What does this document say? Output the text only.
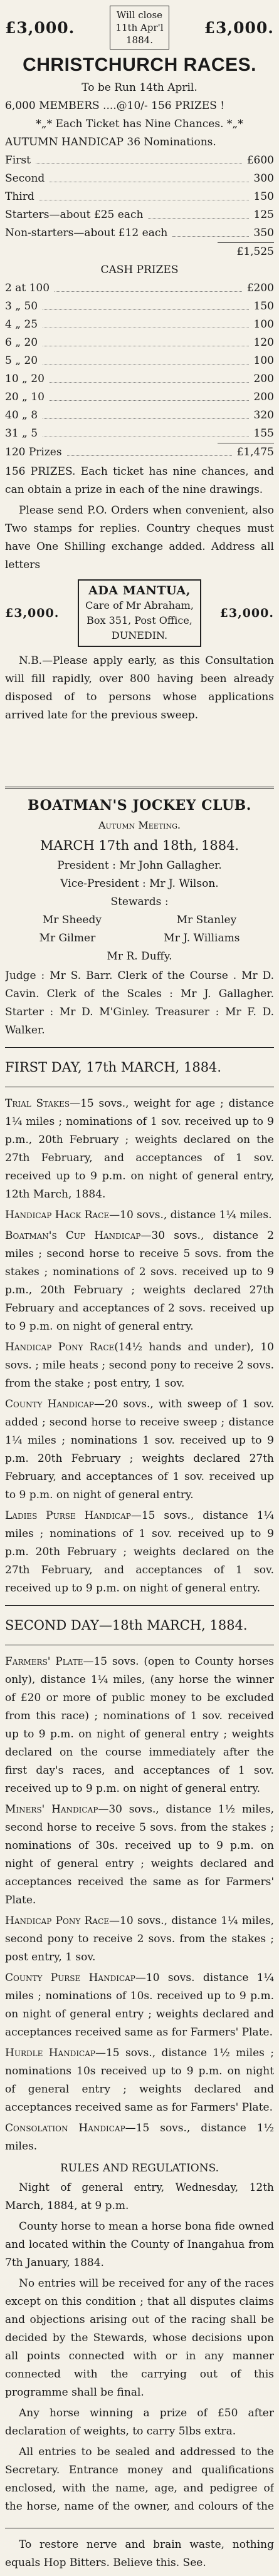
£3,000.
Will close
11th Apr'l
1884.
£3,000.
CHRISTCHURCH RACES.
To be Run 14th April.
6,000 MEMBERS ....@10/- 156 PRIZES !
*„* Each Ticket has Nine Chances. *„*
AUTUMN HANDICAP 36 Nominations.
First	£600
Second	300
Third	150
Starters—about £25 each	125
Non-starters—about £12 each	350
£1,525
CASH PRIZES
2 at 100	£200
3 „ 50	150
4 „ 25	100
6 „ 20	120
5 „ 20	100
10 „ 20	200
20 „ 10	200
40 „ 8	320
31 „ 5	155
120 Prizes	£1,475
156 PRIZES. Each ticket has nine chances, and can obtain a prize in each of the nine drawings.
Please send P.O. Orders when convenient, also Two stamps for replies. Country cheques must have One Shilling exchange added. Address all letters
£3,000.
ADA MANTUA,
Care of Mr Abraham,
Box 351, Post Office,
DUNEDIN.
£3,000.
N.B.—Please apply early, as this Consultation will fill rapidly, over 800 having been already disposed of to persons whose applications arrived late for the previous sweep.
BOATMAN'S JOCKEY CLUB.
Autumn Meeting.
MARCH 17th and 18th, 1884.
President : Mr John Gallagher.
Vice-President : Mr J. Wilson.
Stewards :
Mr Sheedy	Mr Stanley
Mr Gilmer	Mr J. Williams
Mr R. Duffy.
Judge : Mr S. Barr. Clerk of the Course . Mr D. Cavin. Clerk of the Scales : Mr J. Gallagher. Starter : Mr D. M'Ginley. Treasurer : Mr F. D. Walker.
FIRST DAY, 17th MARCH, 1884.
Trial Stakes—15 sovs., weight for age ; distance 1¼ miles ; nominations of 1 sov. received up to 9 p.m., 20th February ; weights declared on the 27th February, and acceptances of 1 sov. received up to 9 p.m. on night of general entry, 12th March, 1884.
Handicap Hack Race—10 sovs., distance 1¼ miles.
Boatman's Cup Handicap—30 sovs., distance 2 miles ; second horse to receive 5 sovs. from the stakes ; nominations of 2 sovs. received up to 9 p.m., 20th February ; weights declared 27th February and acceptances of 2 sovs. received up to 9 p.m. on night of general entry.
Handicap Pony Race(14½ hands and under), 10 sovs. ; mile heats ; second pony to receive 2 sovs. from the stake ; post entry, 1 sov.
County Handicap—20 sovs., with sweep of 1 sov. added ; second horse to receive sweep ; distance 1¼ miles ; nominations 1 sov. received up to 9 p.m. 20th February ; weights declared 27th February, and acceptances of 1 sov. received up to 9 p.m. on night of general entry.
Ladies Purse Handicap—15 sovs., distance 1¼ miles ; nominations of 1 sov. received up to 9 p.m. 20th February ; weights declared on the 27th February, and acceptances of 1 sov. received up to 9 p.m. on night of general entry.
SECOND DAY—18th MARCH, 1884.
Farmers' Plate—15 sovs. (open to County horses only), distance 1¼ miles, (any horse the winner of £20 or more of public money to be excluded from this race) ; nominations of 1 sov. received up to 9 p.m. on night of general entry ; weights declared on the course immediately after the first day's races, and acceptances of 1 sov. received up to 9 p.m. on night of general entry.
Miners' Handicap—30 sovs., distance 1½ miles, second horse to receive 5 sovs. from the stakes ; nominations of 30s. received up to 9 p.m. on night of general entry ; weights declared and acceptances received the same as for Farmers' Plate.
Handicap Pony Race—10 sovs., distance 1¼ miles, second pony to receive 2 sovs. from the stakes ; post entry, 1 sov.
County Purse Handicap—10 sovs. distance 1¼ miles ; nominations of 10s. received up to 9 p.m. on night of general entry ; weights declared and acceptances received same as for Farmers' Plate.
Hurdle Handicap—15 sovs., distance 1½ miles ; nominations 10s received up to 9 p.m. on night of general entry ; weights declared and acceptances received same as for Farmers' Plate.
Consolation Handicap—15 sovs., distance 1½ miles.
RULES AND REGULATIONS.
Night of general entry, Wednesday, 12th March, 1884, at 9 p.m.
County horse to mean a horse bona fide owned and located within the County of Inangahua from 7th January, 1884.
No entries will be received for any of the races except on this condition ; that all disputes claims and objections arising out of the racing shall be decided by the Stewards, whose decisions upon all points connected with or in any manner connected with the carrying out of this programme shall be final.
Any horse winning a prize of £50 after declaration of weights, to carry 5lbs extra.
All entries to be sealed and addressed to the Secretary. Entrance money and qualifications enclosed, with the name, age, and pedigree of the horse, name of the owner, and colours of the
To restore nerve and brain waste, nothing equals Hop Bitters. Believe this. See.
